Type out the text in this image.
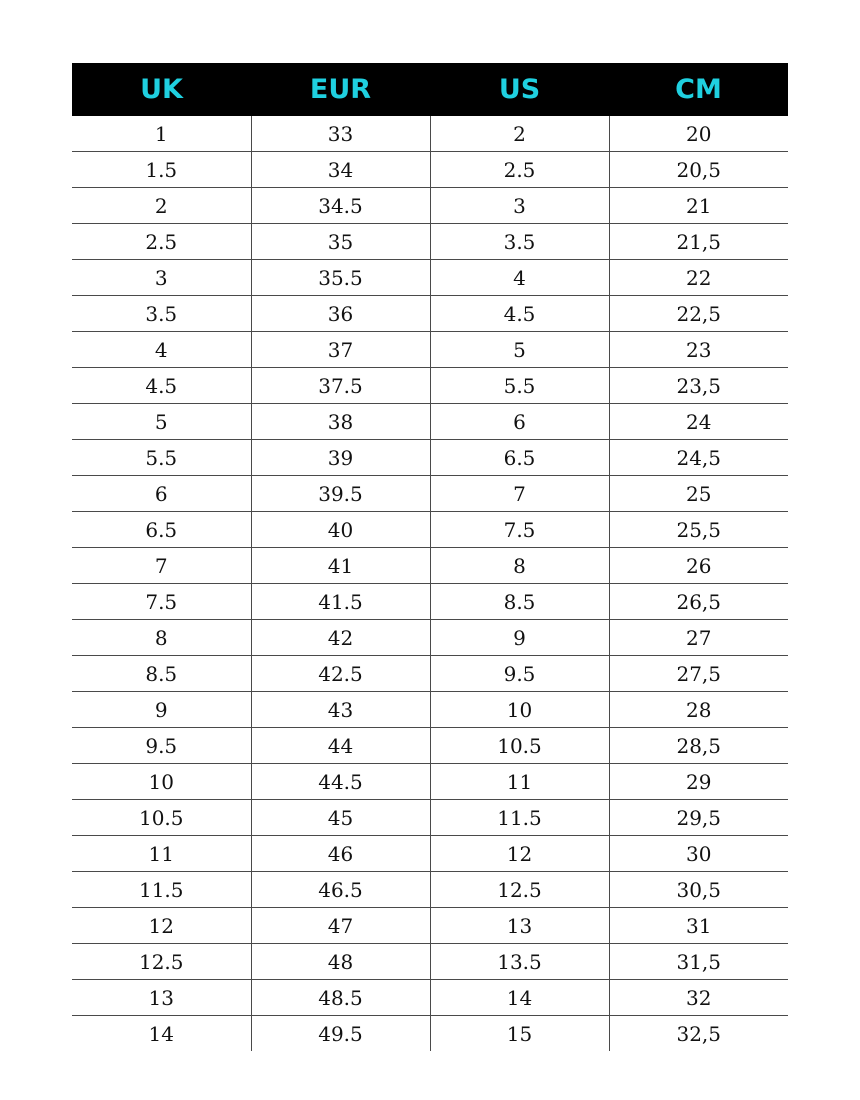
UK	EUR	US	CM
1	33	2	20
1.5	34	2.5	20,5
2	34.5	3	21
2.5	35	3.5	21,5
3	35.5	4	22
3.5	36	4.5	22,5
4	37	5	23
4.5	37.5	5.5	23,5
5	38	6	24
5.5	39	6.5	24,5
6	39.5	7	25
6.5	40	7.5	25,5
7	41	8	26
7.5	41.5	8.5	26,5
8	42	9	27
8.5	42.5	9.5	27,5
9	43	10	28
9.5	44	10.5	28,5
10	44.5	11	29
10.5	45	11.5	29,5
11	46	12	30
11.5	46.5	12.5	30,5
12	47	13	31
12.5	48	13.5	31,5
13	48.5	14	32
14	49.5	15	32,5
